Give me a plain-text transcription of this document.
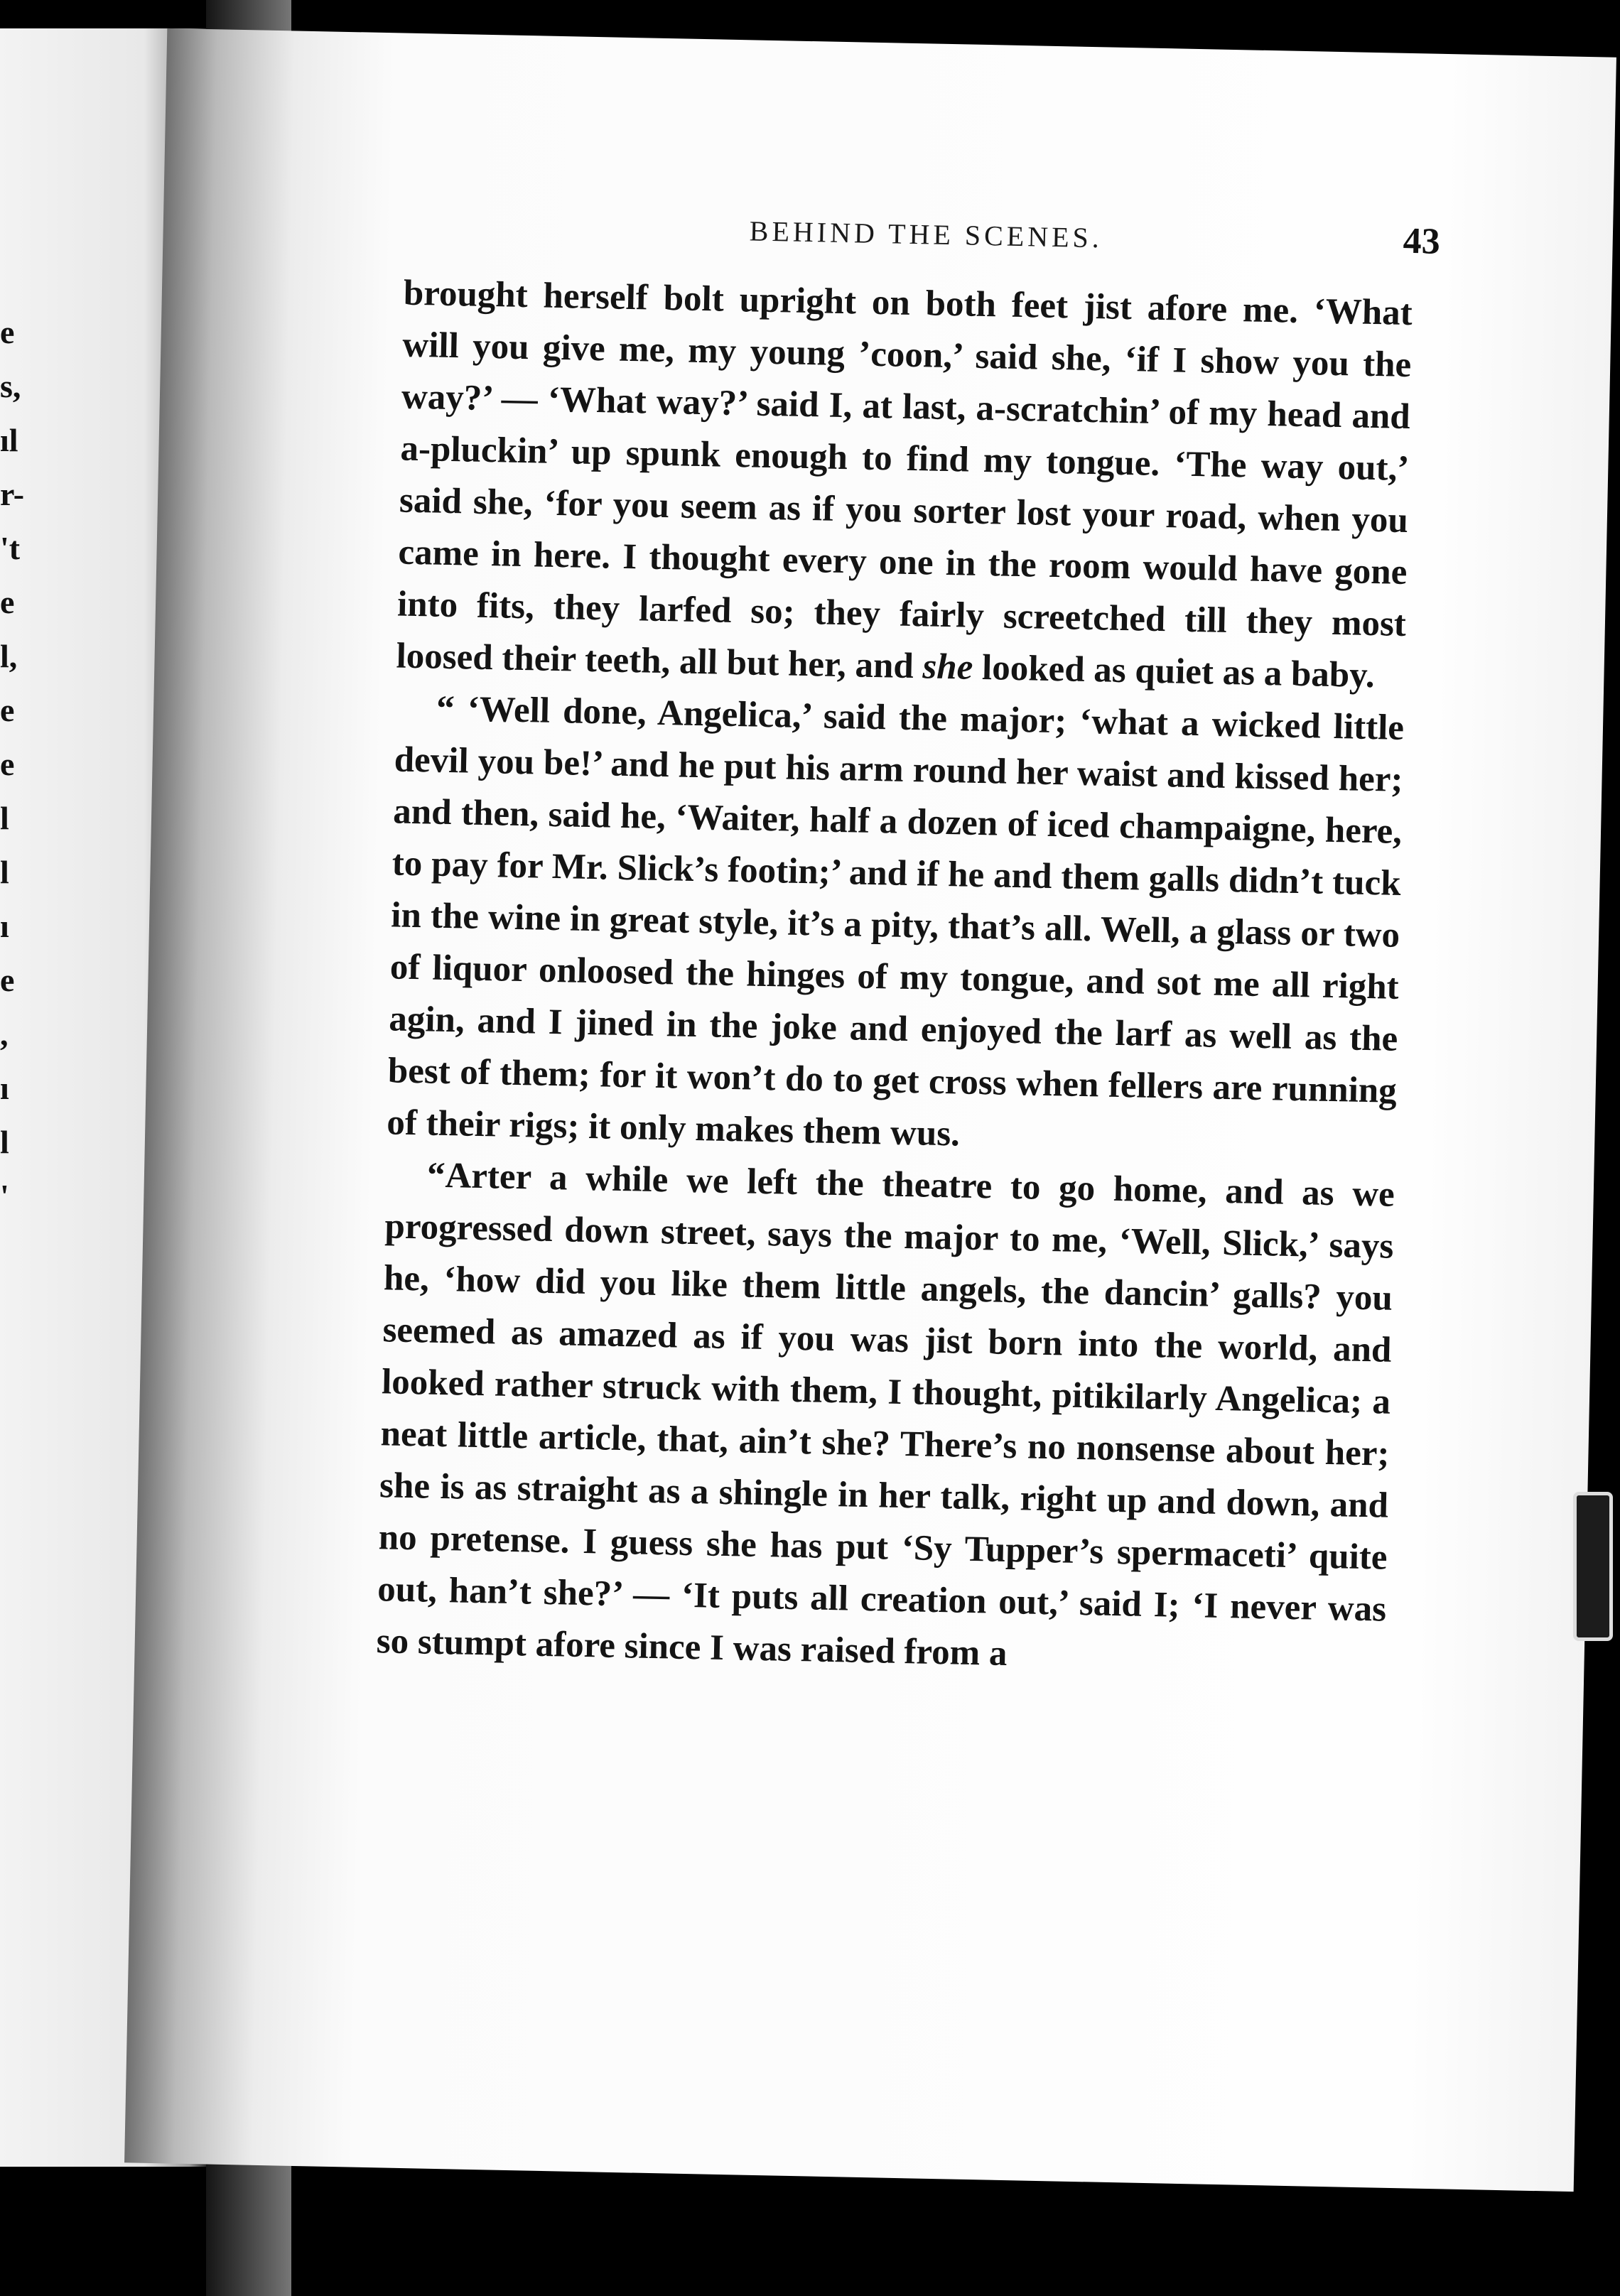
e
s,
ıl
r-
't
e
l,
e
e
l
l
ı
e
,
ı
l
'
BEHIND THE SCENES.	43

brought herself bolt upright on both feet jist afore me. ‘What will you give me, my young ’coon,’ said she, ‘if I show you the way?’ — ‘What way?’ said I, at last, a-scratchin’ of my head and a-pluckin’ up spunk enough to find my tongue. ‘The way out,’ said she, ‘for you seem as if you sorter lost your road, when you came in here. I thought every one in the room would have gone into fits, they larfed so; they fairly screetched till they most loosed their teeth, all but her, and she looked as quiet as a baby.

“ ‘Well done, Angelica,’ said the major; ‘what a wicked little devil you be!’ and he put his arm round her waist and kissed her; and then, said he, ‘Waiter, half a dozen of iced champaigne, here, to pay for Mr. Slick’s footin;’ and if he and them galls didn’t tuck in the wine in great style, it’s a pity, that’s all. Well, a glass or two of liquor onloosed the hinges of my tongue, and sot me all right agin, and I jined in the joke and enjoyed the larf as well as the best of them; for it won’t do to get cross when fellers are running of their rigs; it only makes them wus.

“Arter a while we left the theatre to go home, and as we progressed down street, says the major to me, ‘Well, Slick,’ says he, ‘how did you like them little angels, the dancin’ galls? you seemed as amazed as if you was jist born into the world, and looked rather struck with them, I thought, pitikilarly Angelica; a neat little article, that, ain’t she? There’s no nonsense about her; she is as straight as a shingle in her talk, right up and down, and no pretense. I guess she has put ‘Sy Tupper’s spermaceti’ quite out, han’t she?’ — ‘It puts all creation out,’ said I; ‘I never was so stumpt afore since I was raised from a
